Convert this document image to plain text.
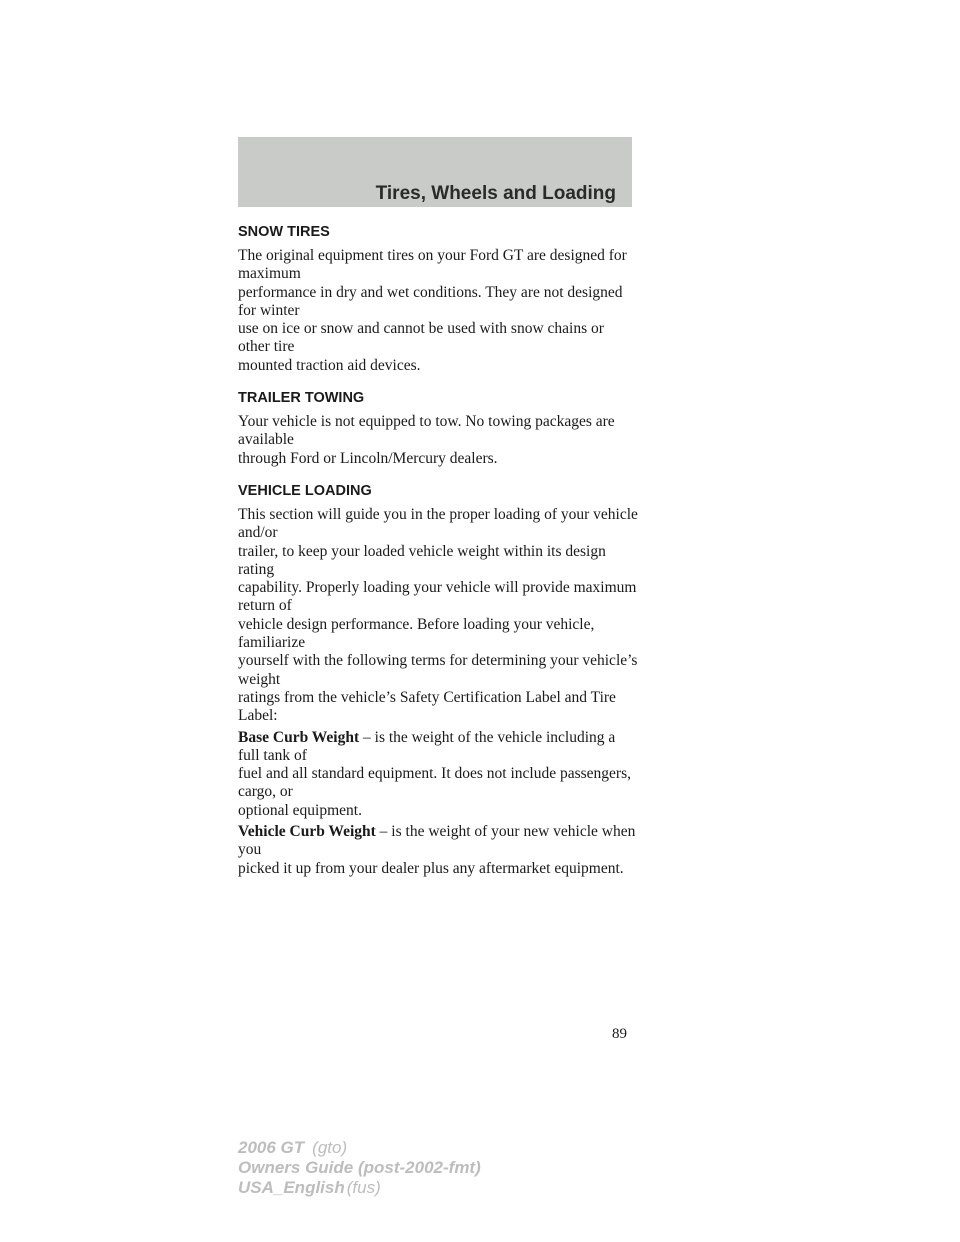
Tires, Wheels and Loading
SNOW TIRES

The original equipment tires on your Ford GT are designed for maximum
performance in dry and wet conditions. They are not designed for winter
use on ice or snow and cannot be used with snow chains or other tire
mounted traction aid devices.

TRAILER TOWING

Your vehicle is not equipped to tow. No towing packages are available
through Ford or Lincoln/Mercury dealers.

VEHICLE LOADING

This section will guide you in the proper loading of your vehicle and/or
trailer, to keep your loaded vehicle weight within its design rating
capability. Properly loading your vehicle will provide maximum return of
vehicle design performance. Before loading your vehicle, familiarize
yourself with the following terms for determining your vehicle’s weight
ratings from the vehicle’s Safety Certification Label and Tire Label:

Base Curb Weight – is the weight of the vehicle including a full tank of
fuel and all standard equipment. It does not include passengers, cargo, or
optional equipment.

Vehicle Curb Weight – is the weight of your new vehicle when you
picked it up from your dealer plus any aftermarket equipment.

89
2006 GT (gto)
Owners Guide (post-2002-fmt)
USA_English (fus)
